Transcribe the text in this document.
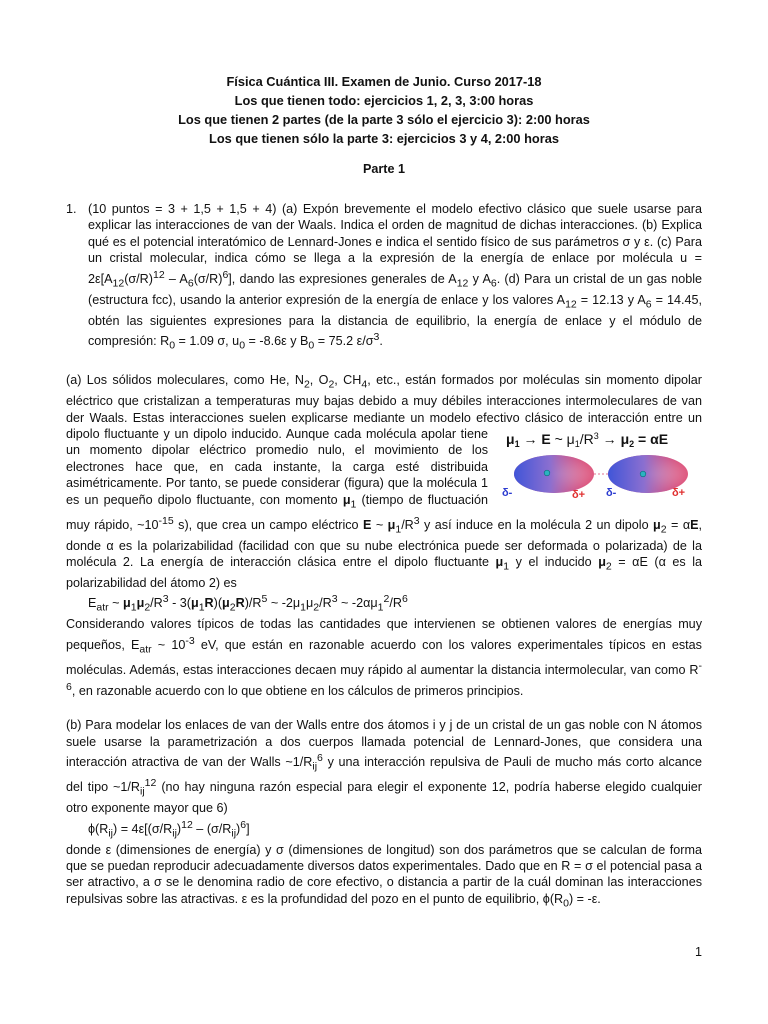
Física Cuántica III. Examen de Junio. Curso 2017-18
Los que tienen todo: ejercicios 1, 2, 3, 3:00 horas
Los que tienen 2 partes (de la parte 3 sólo el ejercicio 3): 2:00 horas
Los que tienen sólo la parte 3: ejercicios 3 y 4, 2:00 horas
Parte 1
1. (10 puntos = 3 + 1,5 + 1,5 + 4) (a) Expón brevemente el modelo efectivo clásico que suele usarse para explicar las interacciones de van der Waals. Indica el orden de magnitud de dichas interacciones. (b) Explica qué es el potencial interatómico de Lennard-Jones e indica el sentido físico de sus parámetros σ y ε. (c) Para un cristal molecular, indica cómo se llega a la expresión de la energía de enlace por molécula $u = 2\varepsilon[A_{12}(\sigma/R)^{12} - A_6(\sigma/R)^6]$, dando las expresiones generales de $A_{12}$ y $A_6$. (d) Para un cristal de un gas noble (estructura fcc), usando la anterior expresión de la energía de enlace y los valores $A_{12} = 12.13$ y $A_6 = 14.45$, obtén las siguientes expresiones para la distancia de equilibrio, la energía de enlace y el módulo de compresión: $R_0 = 1.09$ σ, $u_0 = -8.6\varepsilon$ y $B_0 = 75.2$ $\varepsilon/\sigma^3$.
(a) Los sólidos moleculares, como He, $N_2$, $O_2$, $CH_4$, etc., están formados por moléculas sin momento dipolar eléctrico que cristalizan a temperaturas muy bajas debido a muy débiles interacciones intermoleculares de van der Waals. Estas interacciones suelen explicarse mediante un modelo efectivo
$\mu_1 \to E$ ~ $\mu_1/R^3 \to \mu_2 = \alpha E$
δ-	δ+ δ-	δ+
clásico de interacción entre un dipolo fluctuante y un dipolo inducido. Aunque cada molécula apolar tiene un momento dipolar eléctrico promedio nulo, el movimiento de los electrones hace que, en cada instante, la carga esté distribuida asimétricamente. Por tanto, se puede considerar (figura) que la molécula 1 es un pequeño dipolo fluctuante, con momento $\mu_1$ (tiempo de fluctuación muy rápido, $\sim 10^{-15}$ s), que crea un campo eléctrico E ~ $\mu_1/R^3$ y así induce en la molécula 2 un dipolo $\mu_2 = \alpha E$, donde α es la polarizabilidad (facilidad con que su nube electrónica puede ser deformada o polarizada) de la molécula 2. La energía de interacción clásica entre el dipolo fluctuante $\mu_1$ y el inducido $\mu_2 = \alpha E$ (α es la polarizabilidad del átomo 2) es
$E_{atr}$ ~ $\mu_1\mu_2/R^3 - 3(\mu_1R)(\mu_2R)/R^5$ ~ $-2\mu_1\mu_2/R^3$ ~ $-2\alpha\mu_1^2/R^6$
Considerando valores típicos de todas las cantidades que intervienen se obtienen valores de energías muy pequeños, $E_{atr}$ ~ $10^{-3}$ eV, que están en razonable acuerdo con los valores experimentales típicos en estas moléculas. Además, estas interacciones decaen muy rápido al aumentar la distancia intermolecular, van como $R^{-6}$, en razonable acuerdo con lo que obtiene en los cálculos de primeros principios.
(b) Para modelar los enlaces de van der Walls entre dos átomos i y j de un cristal de un gas noble con N átomos suele usarse la parametrización a dos cuerpos llamada potencial de Lennard-Jones, que considera una interacción atractiva de van der Walls $\sim 1/R_{ij}^6$ y una interacción repulsiva de Pauli de mucho más corto alcance del tipo $\sim 1/R_{ij}^{12}$ (no hay ninguna razón especial para elegir el exponente 12, podría haberse elegido cualquier otro exponente mayor que 6)
$\phi(R_{ij}) = 4\varepsilon[(\sigma/R_{ij})^{12} - (\sigma/R_{ij})^6]$
donde ε (dimensiones de energía) y σ (dimensiones de longitud) son dos parámetros que se calculan de forma que se puedan reproducir adecuadamente diversos datos experimentales. Dado que en R = σ el potencial pasa a ser atractivo, a σ se le denomina radio de core efectivo, o distancia a partir de la cuál dominan las interacciones repulsivas sobre las atractivas. ε es la profundidad del pozo en el punto de equilibrio, $\phi(R_0) = -\varepsilon$.
1
